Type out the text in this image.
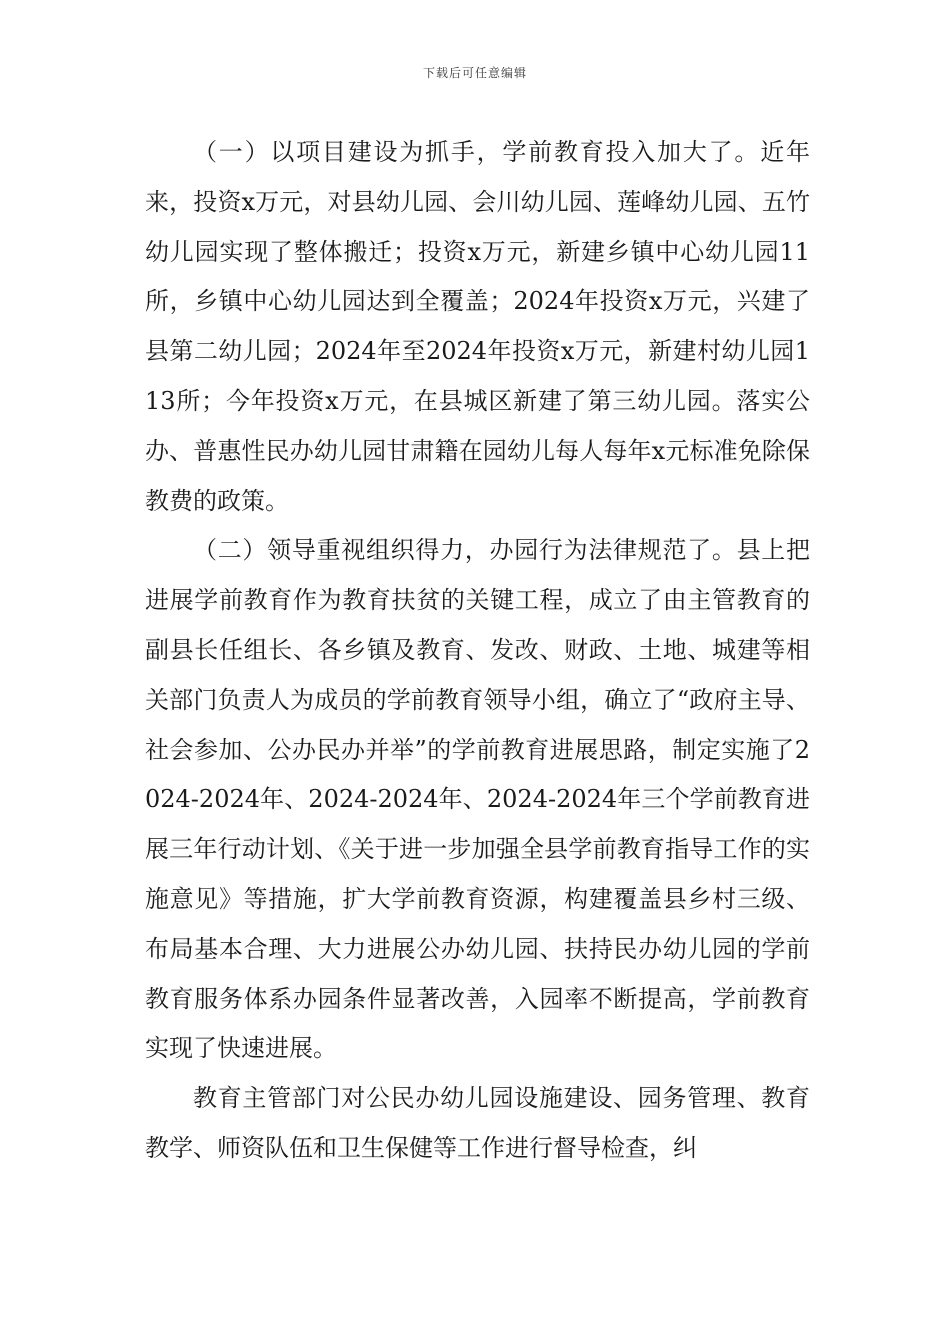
下载后可任意编辑

（一）以项目建设为抓手，学前教育投入加大了。近年来，投资x万元，对县幼儿园、会川幼儿园、莲峰幼儿园、五竹幼儿园实现了整体搬迁；投资x万元，新建乡镇中心幼儿园11所，乡镇中心幼儿园达到全覆盖；2024年投资x万元，兴建了县第二幼儿园；2024年至2024年投资x万元，新建村幼儿园113所；今年投资x万元，在县城区新建了第三幼儿园。落实公办、普惠性民办幼儿园甘肃籍在园幼儿每人每年x元标准免除保教费的政策。

（二）领导重视组织得力，办园行为法律规范了。县上把进展学前教育作为教育扶贫的关键工程，成立了由主管教育的副县长任组长、各乡镇及教育、发改、财政、土地、城建等相关部门负责人为成员的学前教育领导小组，确立了“政府主导、社会参加、公办民办并举”的学前教育进展思路，制定实施了2024-2024年、2024-2024年、2024-2024年三个学前教育进展三年行动计划、《关于进一步加强全县学前教育指导工作的实施意见》等措施，扩大学前教育资源，构建覆盖县乡村三级、布局基本合理、大力进展公办幼儿园、扶持民办幼儿园的学前教育服务体系办园条件显著改善，入园率不断提高，学前教育实现了快速进展。

教育主管部门对公民办幼儿园设施建设、园务管理、教育教学、师资队伍和卫生保健等工作进行督导检查，纠
